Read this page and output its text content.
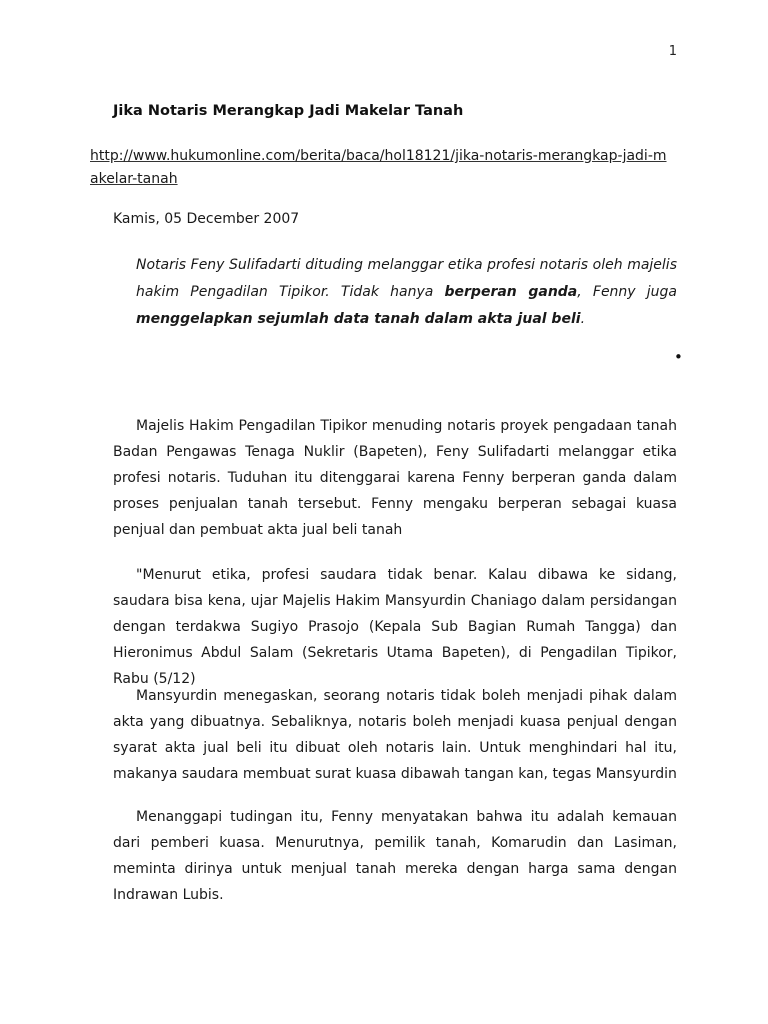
1
Jika Notaris Merangkap Jadi Makelar Tanah
http://www.hukumonline.com/berita/baca/hol18121/jika-notaris-merangkap-jadi-makelar-tanah
Kamis, 05 December 2007
Notaris Feny Sulifadarti dituding melanggar etika profesi notaris oleh majelis hakim Pengadilan Tipikor. Tidak hanya berperan ganda, Fenny juga menggelapkan sejumlah data tanah dalam akta jual beli.
•
Majelis Hakim Pengadilan Tipikor menuding notaris proyek pengadaan tanah Badan Pengawas Tenaga Nuklir (Bapeten), Feny Sulifadarti melanggar etika profesi notaris. Tuduhan itu ditenggarai karena Fenny berperan ganda dalam proses penjualan tanah tersebut. Fenny mengaku berperan sebagai kuasa penjual dan pembuat akta jual beli tanah
"Menurut etika, profesi saudara tidak benar. Kalau dibawa ke sidang, saudara bisa kena, ujar Majelis Hakim Mansyurdin Chaniago dalam persidangan dengan terdakwa Sugiyo Prasojo (Kepala Sub Bagian Rumah Tangga) dan Hieronimus Abdul Salam (Sekretaris Utama Bapeten), di Pengadilan Tipikor, Rabu (5/12)
Mansyurdin menegaskan, seorang notaris tidak boleh menjadi pihak dalam akta yang dibuatnya. Sebaliknya, notaris boleh menjadi kuasa penjual dengan syarat akta jual beli itu dibuat oleh notaris lain. Untuk menghindari hal itu, makanya saudara membuat surat kuasa dibawah tangan kan, tegas Mansyurdin
Menanggapi tudingan itu, Fenny menyatakan bahwa itu adalah kemauan dari pemberi kuasa. Menurutnya, pemilik tanah, Komarudin dan Lasiman, meminta dirinya untuk menjual tanah mereka dengan harga sama dengan Indrawan Lubis.
